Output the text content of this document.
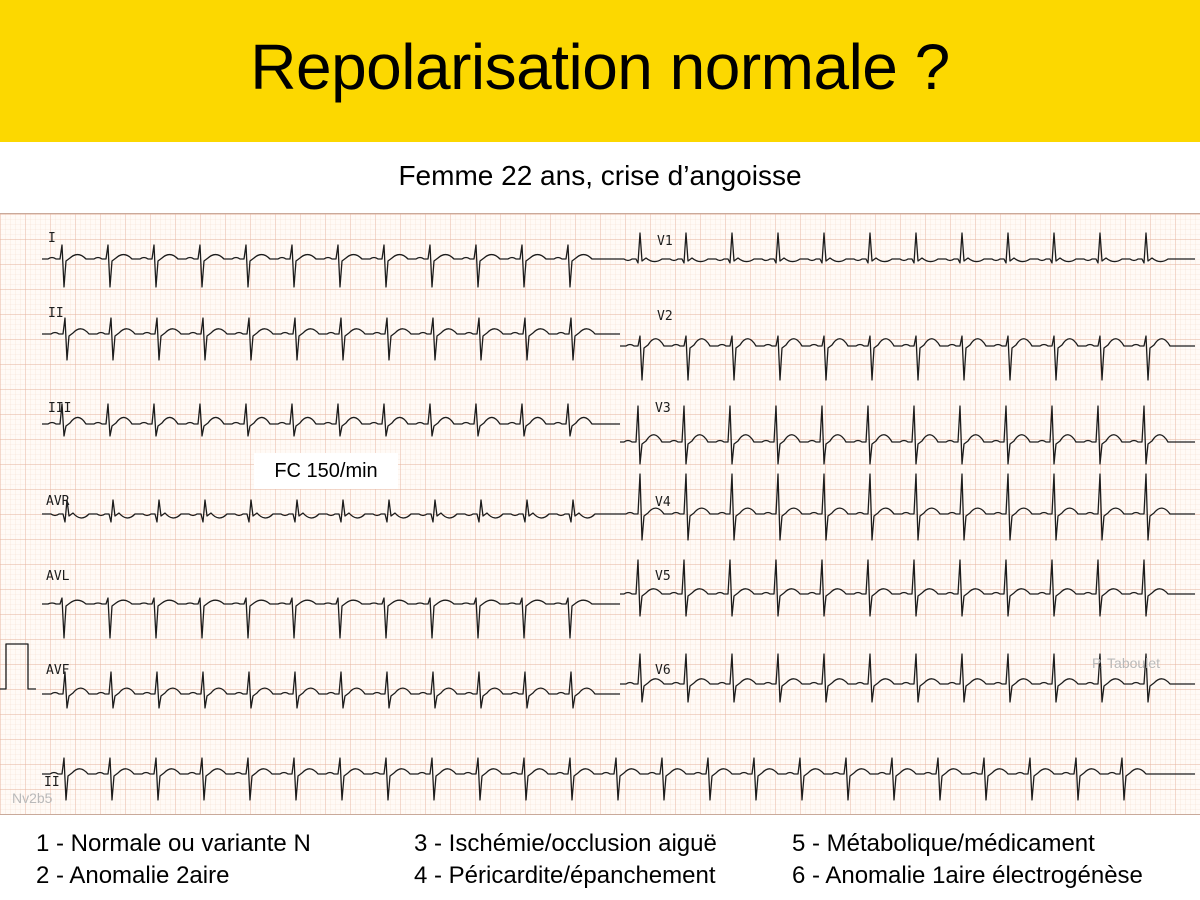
Repolarisation normale ?
Femme 22 ans, crise d’angoisse
I
II
III
AVR
AVL
AVF
V1
V2
V3
V4
V5
V6
II
FC 150/min
P. Taboulet
Nv2b5
1 - Normale ou variante N
2 - Anomalie 2aire
3 - Ischémie/occlusion aiguë
4 - Péricardite/épanchement
5 - Métabolique/médicament
6 - Anomalie 1aire électrogénèse
